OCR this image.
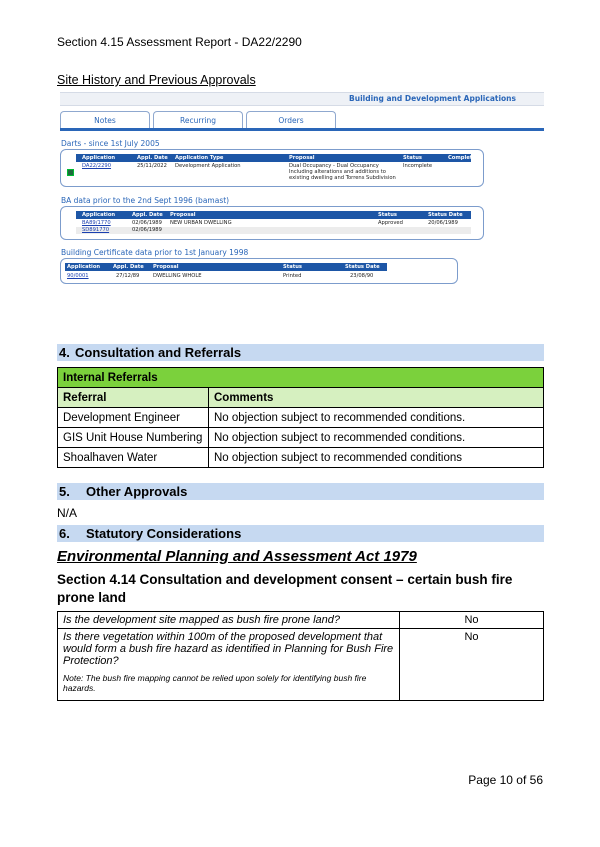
Section 4.15 Assessment Report - DA22/2290
Site History and Previous Approvals
Building and Development Applications
Notes	Recurring	Orders
Darts - since 1st July 2005
Application	Appl. Date Application Type	Proposal	Status	Completed
DA22/2290	25/11/2022 Development Application	Dual Occupancy - Dual Occupancy
Including alterations and additions to
existing dwelling and Torrens Subdivision
Incomplete
BA data prior to the 2nd Sept 1996 (bamast)
Application	Appl. Date Proposal	Status	Status Date
BA89/1770	02/06/1989 NEW URBAN DWELLING	Approved	20/06/1989
SD891770	02/06/1989
Building Certificate data prior to 1st January 1998
Application Appl. Date Proposal	Status	Status Date
90/0001	27/12/89	DWELLING WHOLE	Printed	23/08/90
4. Consultation and Referrals
Internal Referrals	
Referral	Comments
Development Engineer	No objection subject to recommended conditions.
GIS Unit House Numbering	No objection subject to recommended conditions.
Shoalhaven Water	No objection subject to recommended conditions
5. Other Approvals
N/A
6. Statutory Considerations
Environmental Planning and Assessment Act 1979
Section 4.14 Consultation and development consent – certain bush fire prone land
Is the development site mapped as bush fire prone land?	No

Is there vegetation within 100m of the proposed development that would form a bush fire hazard as identified in Planning for Bush Fire Protection?
Note: The bush fire mapping cannot be relied upon solely for identifying bush fire hazards.	No
Page 10 of 56
